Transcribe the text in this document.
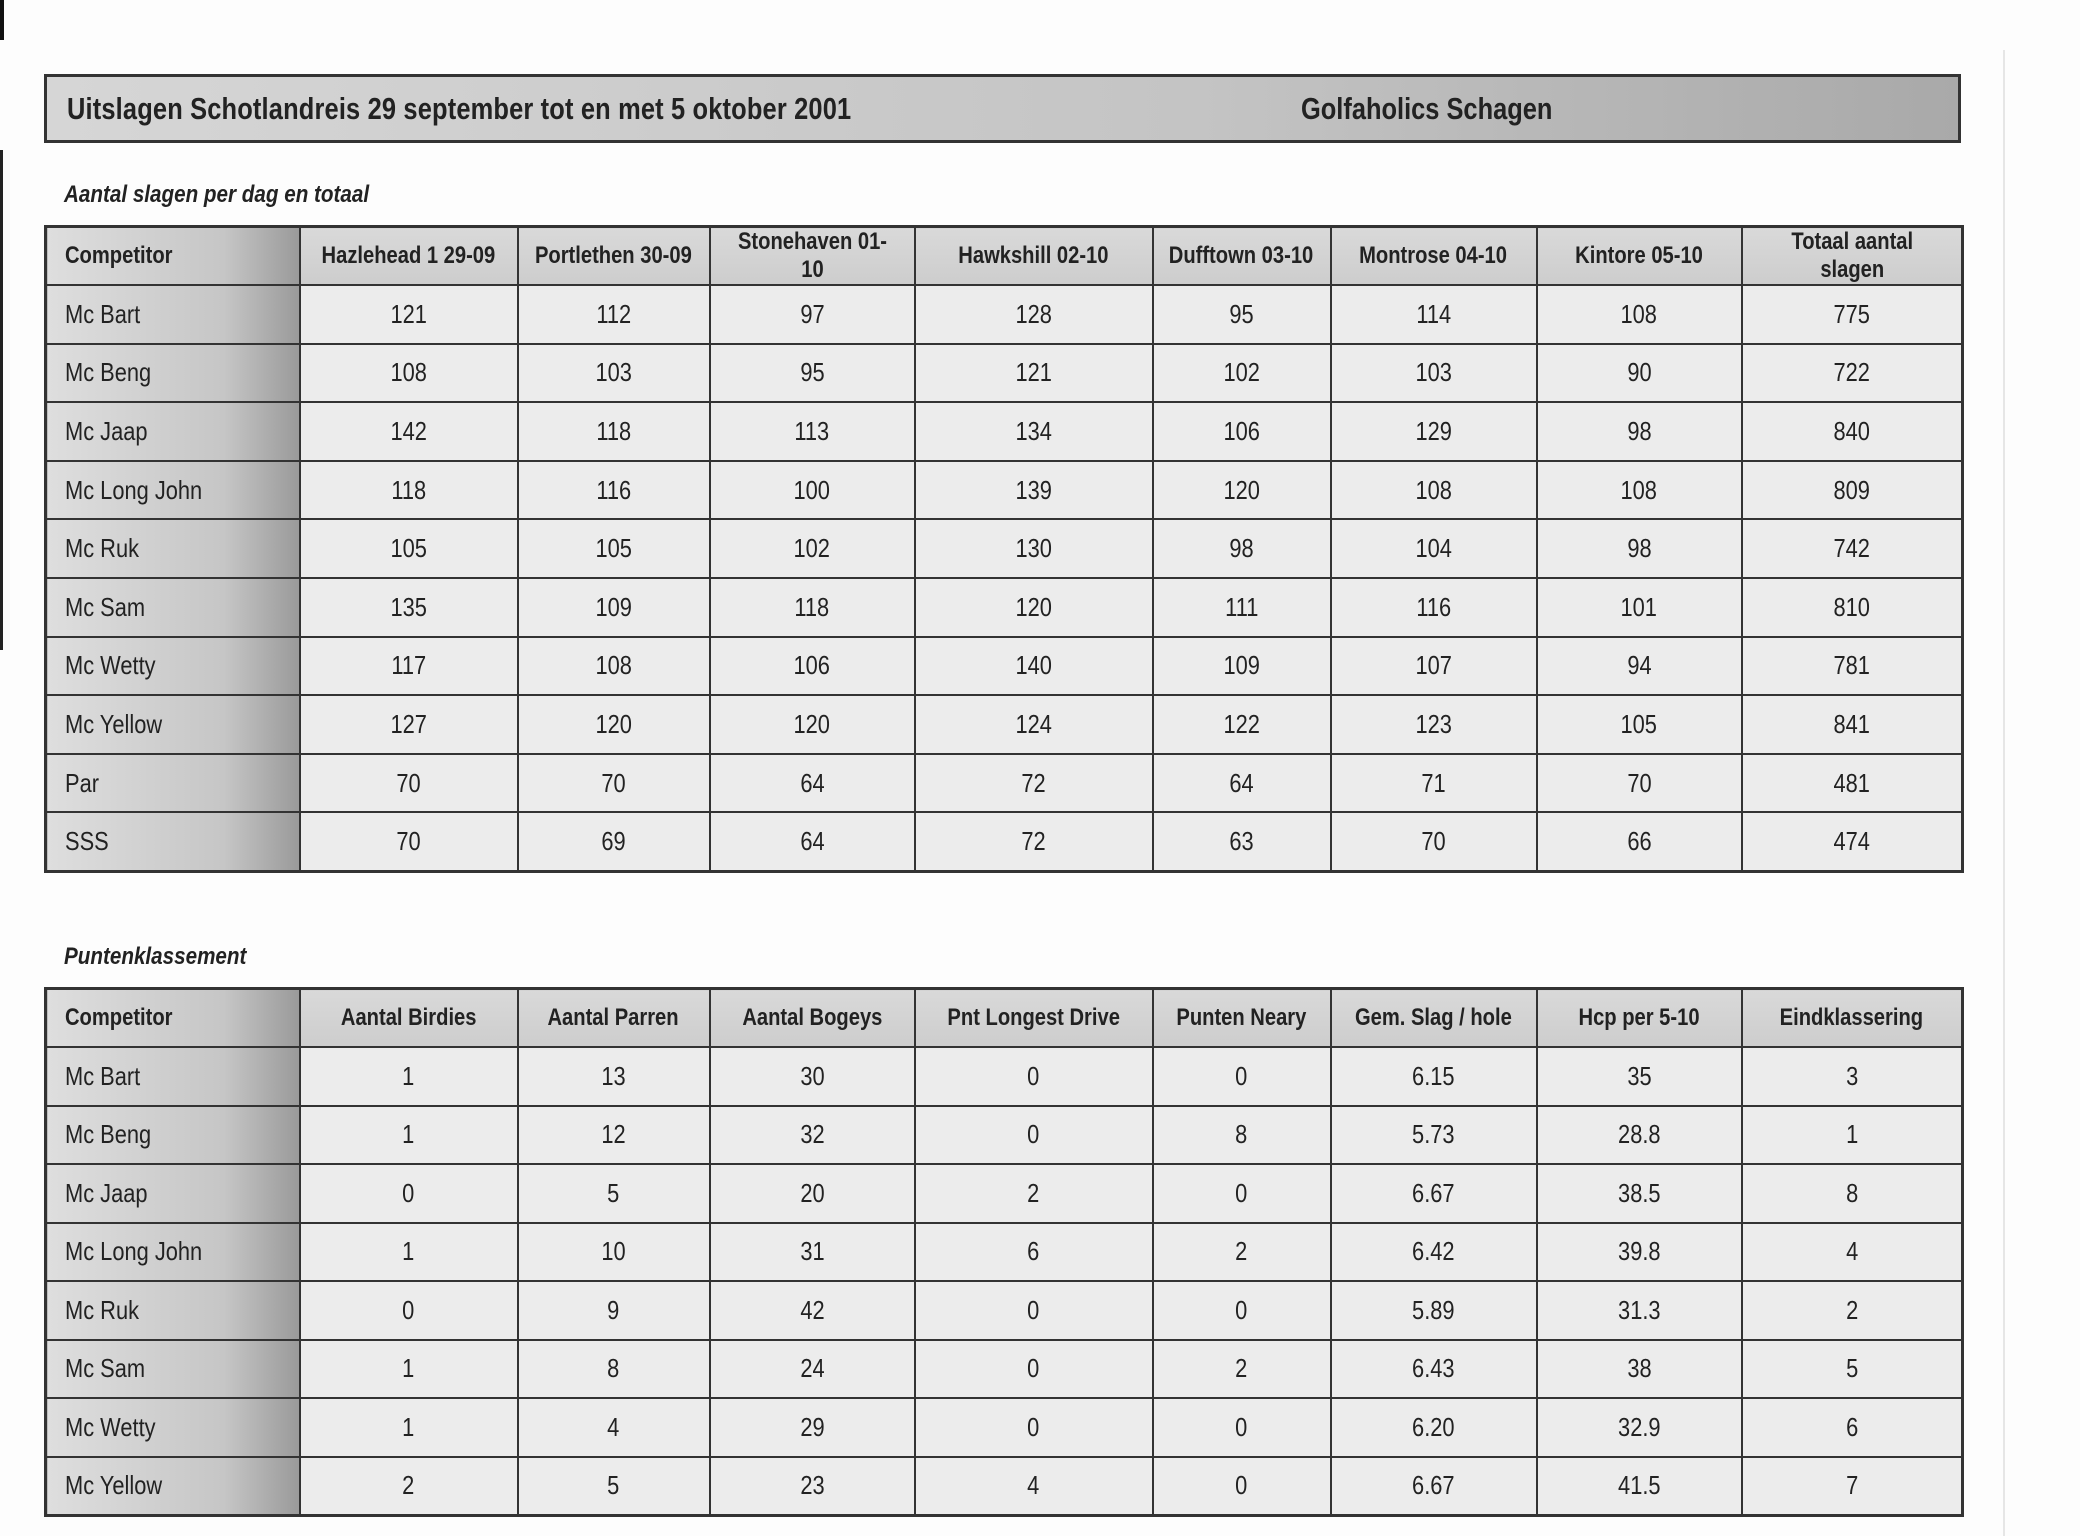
Uitslagen Schotlandreis 29 september tot en met 5 oktober 2001	Golfaholics Schagen
Aantal slagen per dag en totaal
Competitor	Hazlehead 1 29-09	Portlethen 30-09	Stonehaven 01-10	Hawkshill 02-10	Dufftown 03-10	Montrose 04-10	Kintore 05-10	Totaal aantal slagen
Mc Bart	121	112	97	128	95	114	108	775
Mc Beng	108	103	95	121	102	103	90	722
Mc Jaap	142	118	113	134	106	129	98	840
Mc Long John	118	116	100	139	120	108	108	809
Mc Ruk	105	105	102	130	98	104	98	742
Mc Sam	135	109	118	120	111	116	101	810
Mc Wetty	117	108	106	140	109	107	94	781
Mc Yellow	127	120	120	124	122	123	105	841
Par	70	70	64	72	64	71	70	481
SSS	70	69	64	72	63	70	66	474
Puntenklassement
Competitor	Aantal Birdies	Aantal Parren	Aantal Bogeys	Pnt Longest Drive	Punten Neary	Gem. Slag / hole	Hcp per 5-10	Eindklassering
Mc Bart	1	13	30	0	0	6.15	35	3
Mc Beng	1	12	32	0	8	5.73	28.8	1
Mc Jaap	0	5	20	2	0	6.67	38.5	8
Mc Long John	1	10	31	6	2	6.42	39.8	4
Mc Ruk	0	9	42	0	0	5.89	31.3	2
Mc Sam	1	8	24	0	2	6.43	38	5
Mc Wetty	1	4	29	0	0	6.20	32.9	6
Mc Yellow	2	5	23	4	0	6.67	41.5	7
